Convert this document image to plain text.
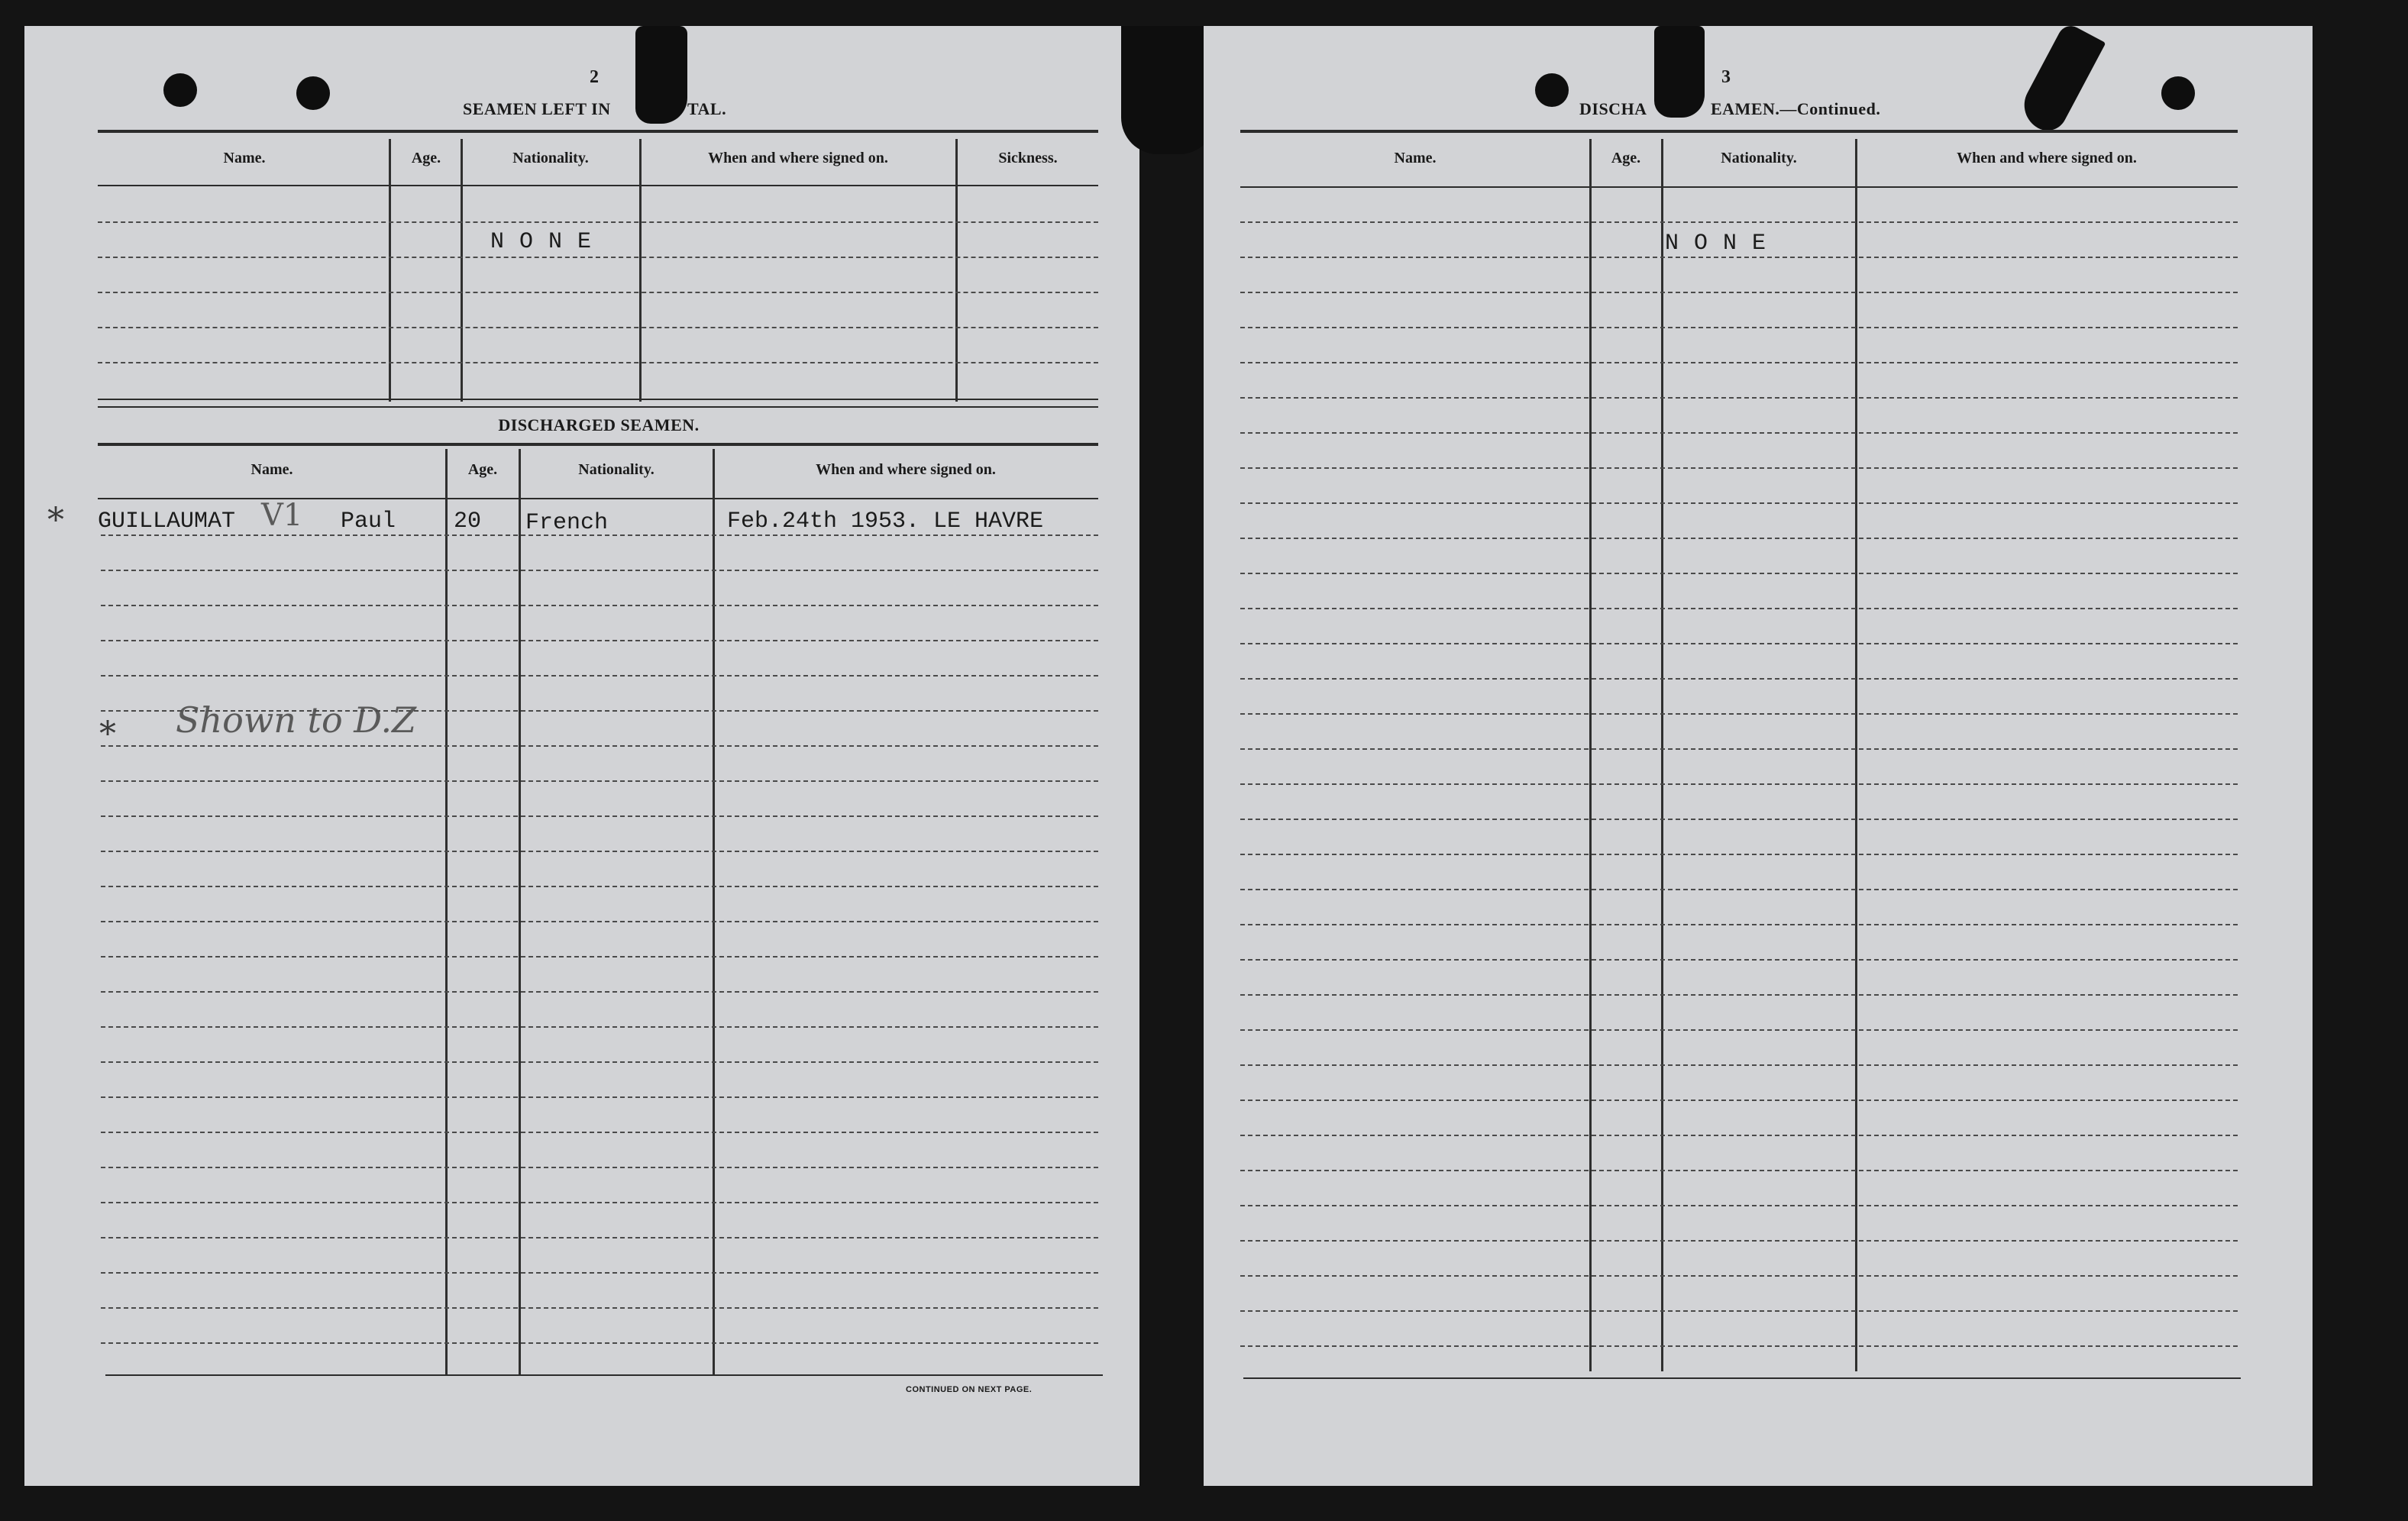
2
SEAMEN LEFT IN	TAL.
Name.	Age.	Nationality.	When and where signed on.	Sickness.
NONE
DISCHARGED SEAMEN.
Name.	Age.	Nationality.	When and where signed on.
* GUILLAUMAT V1 Paul	20 French	Feb.24th 1953. LE HAVRE
* Shown to D.Z
CONTINUED ON NEXT PAGE.
3
DISCHA	EAMEN.—Continued.
Name.	Age.	Nationality.	When and where signed on.
NONE
